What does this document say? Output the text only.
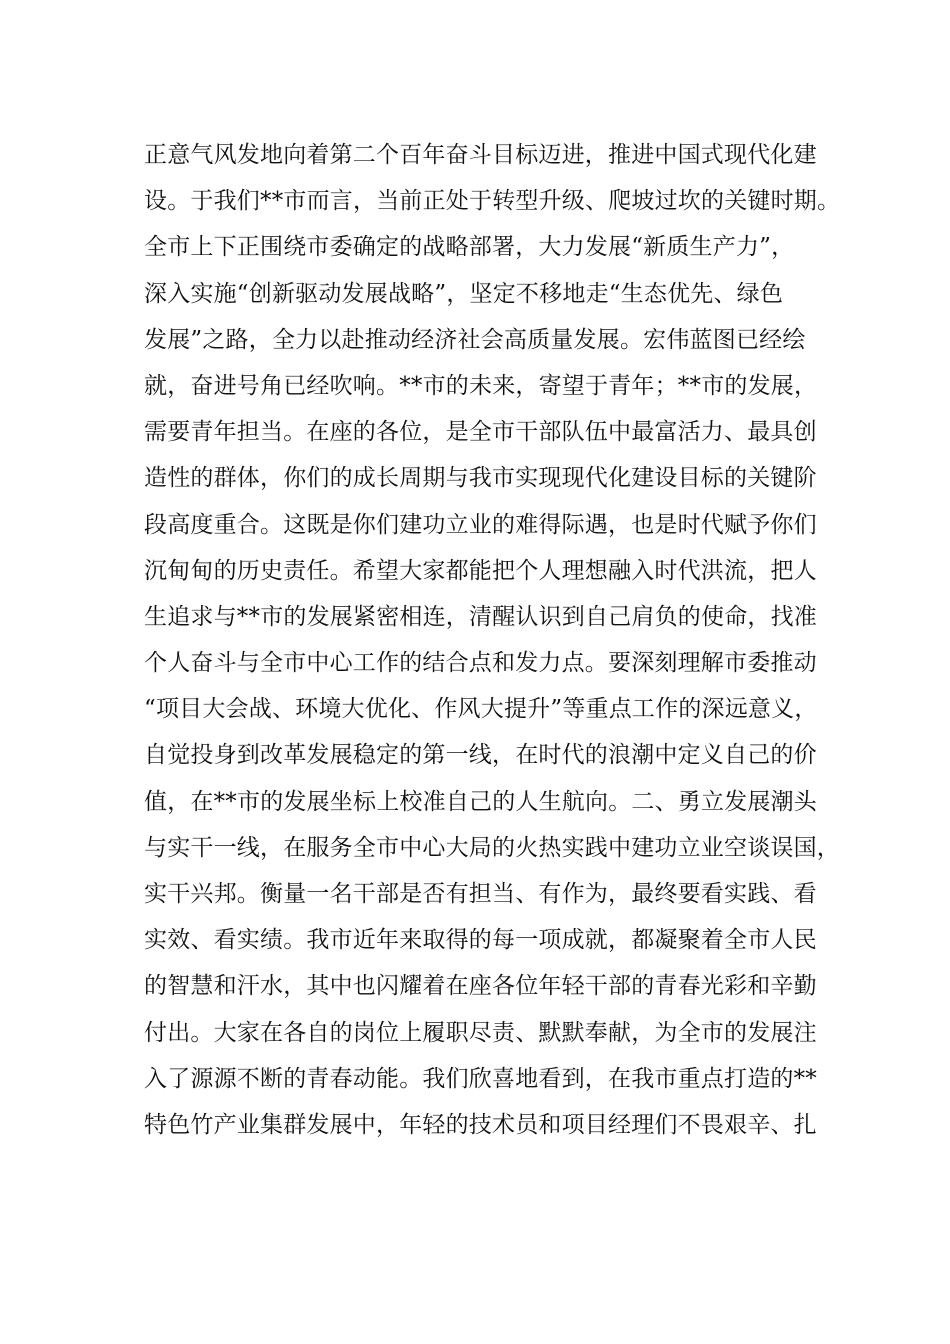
正意气风发地向着第二个百年奋斗目标迈进，推进中国式现代化建
设。于我们**市而言，当前正处于转型升级、爬坡过坎的关键时期。
全市上下正围绕市委确定的战略部署，大力发展“新质生产力”，
深入实施“创新驱动发展战略”，坚定不移地走“生态优先、绿色
发展”之路，全力以赴推动经济社会高质量发展。宏伟蓝图已经绘
就，奋进号角已经吹响。**市的未来，寄望于青年；**市的发展，
需要青年担当。在座的各位，是全市干部队伍中最富活力、最具创
造性的群体，你们的成长周期与我市实现现代化建设目标的关键阶
段高度重合。这既是你们建功立业的难得际遇，也是时代赋予你们
沉甸甸的历史责任。希望大家都能把个人理想融入时代洪流，把人
生追求与**市的发展紧密相连，清醒认识到自己肩负的使命，找准
个人奋斗与全市中心工作的结合点和发力点。要深刻理解市委推动
“项目大会战、环境大优化、作风大提升”等重点工作的深远意义，
自觉投身到改革发展稳定的第一线，在时代的浪潮中定义自己的价
值，在**市的发展坐标上校准自己的人生航向。二、勇立发展潮头
与实干一线，在服务全市中心大局的火热实践中建功立业空谈误国，
实干兴邦。衡量一名干部是否有担当、有作为，最终要看实践、看
实效、看实绩。我市近年来取得的每一项成就，都凝聚着全市人民
的智慧和汗水，其中也闪耀着在座各位年轻干部的青春光彩和辛勤
付出。大家在各自的岗位上履职尽责、默默奉献，为全市的发展注
入了源源不断的青春动能。我们欣喜地看到，在我市重点打造的**
特色竹产业集群发展中，年轻的技术员和项目经理们不畏艰辛、扎
